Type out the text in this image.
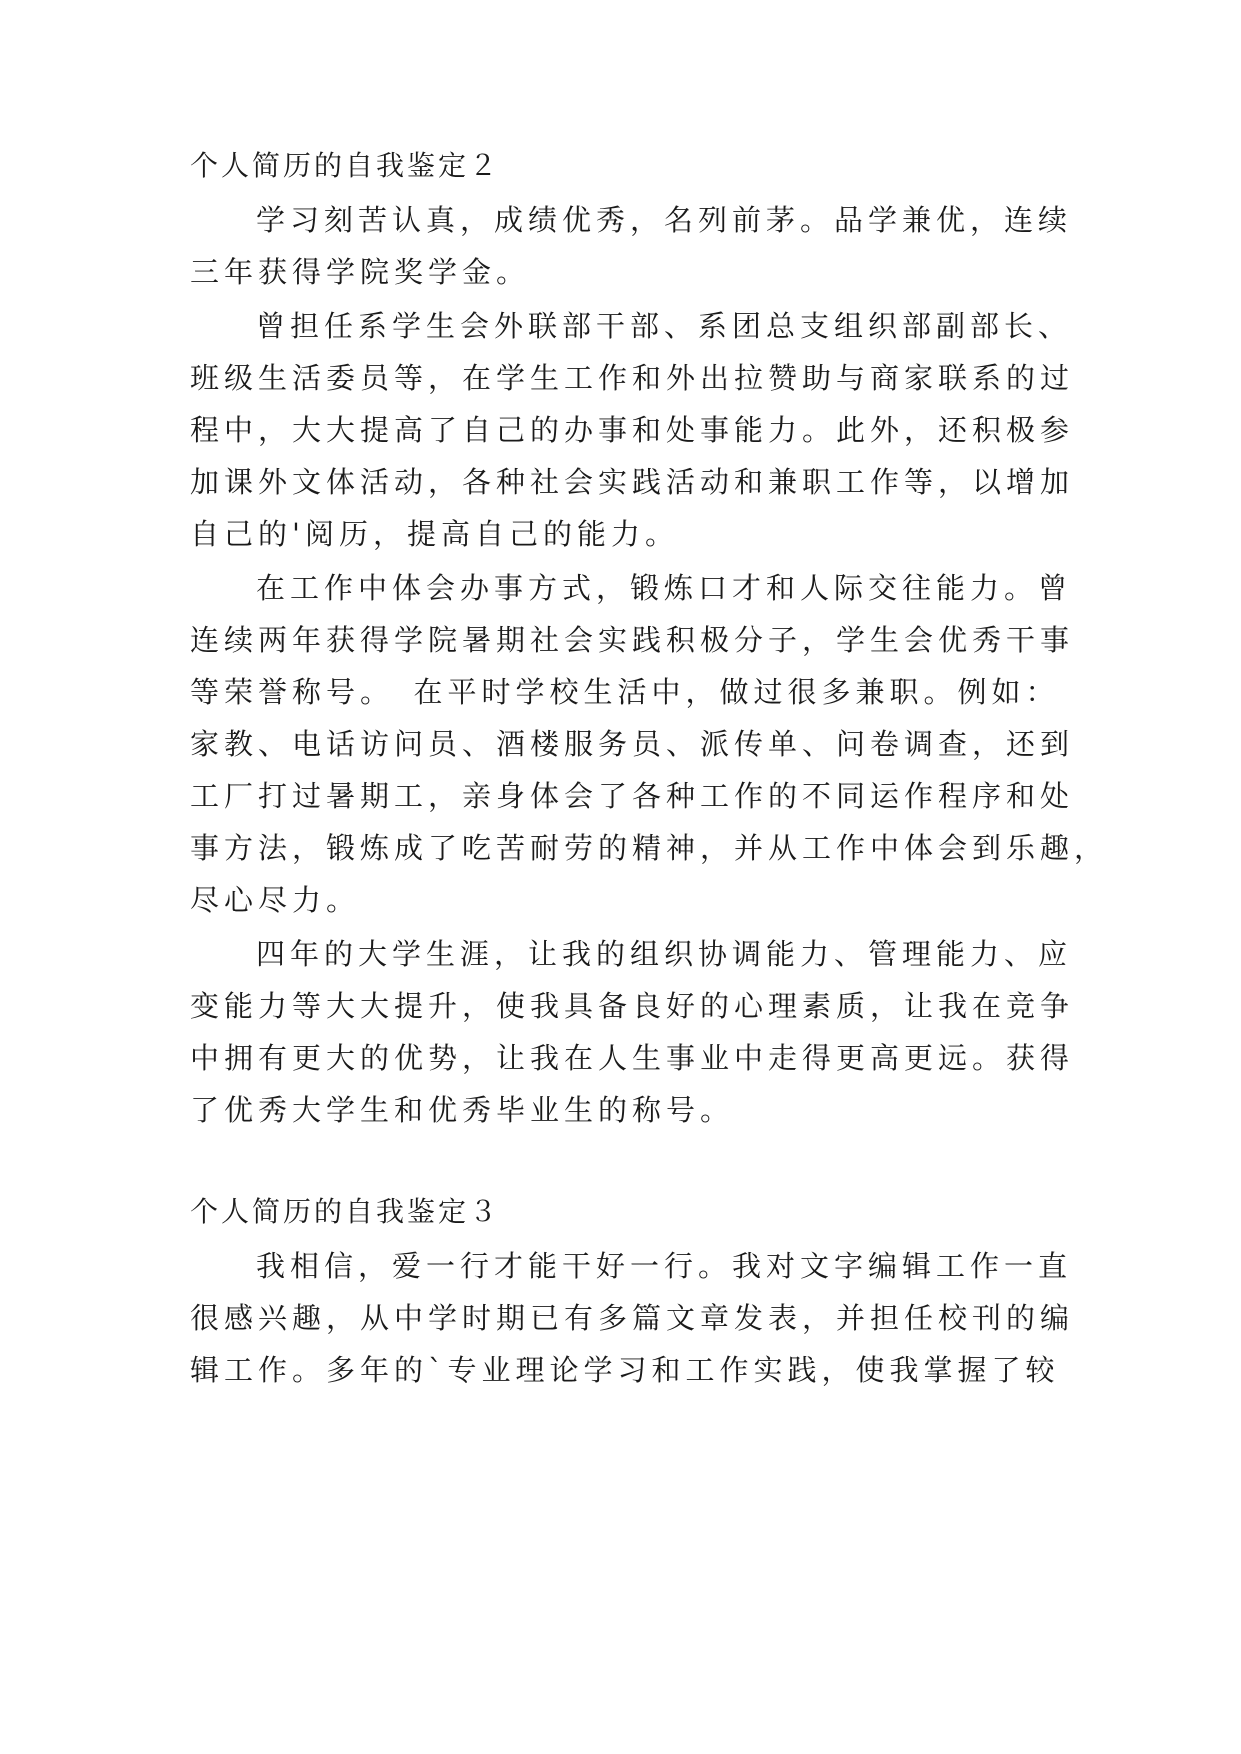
个人简历的自我鉴定２
学习刻苦认真，成绩优秀，名列前茅。品学兼优，连续
三年获得学院奖学金。
曾担任系学生会外联部干部、系团总支组织部副部长、
班级生活委员等，在学生工作和外出拉赞助与商家联系的过
程中，大大提高了自己的办事和处事能力。此外，还积极参
加课外文体活动，各种社会实践活动和兼职工作等，以增加
自己的'阅历，提高自己的能力。
在工作中体会办事方式，锻炼口才和人际交往能力。曾
连续两年获得学院暑期社会实践积极分子，学生会优秀干事
等荣誉称号。　在平时学校生活中，做过很多兼职。例如：
家教、电话访问员、酒楼服务员、派传单、问卷调查，还到
工厂打过暑期工，亲身体会了各种工作的不同运作程序和处
事方法，锻炼成了吃苦耐劳的精神，并从工作中体会到乐趣，
尽心尽力。
四年的大学生涯，让我的组织协调能力、管理能力、应
变能力等大大提升，使我具备良好的心理素质，让我在竞争
中拥有更大的优势，让我在人生事业中走得更高更远。获得
了优秀大学生和优秀毕业生的称号。
个人简历的自我鉴定３
我相信，爱一行才能干好一行。我对文字编辑工作一直
很感兴趣，从中学时期已有多篇文章发表，并担任校刊的编
辑工作。多年的`专业理论学习和工作实践，使我掌握了较
